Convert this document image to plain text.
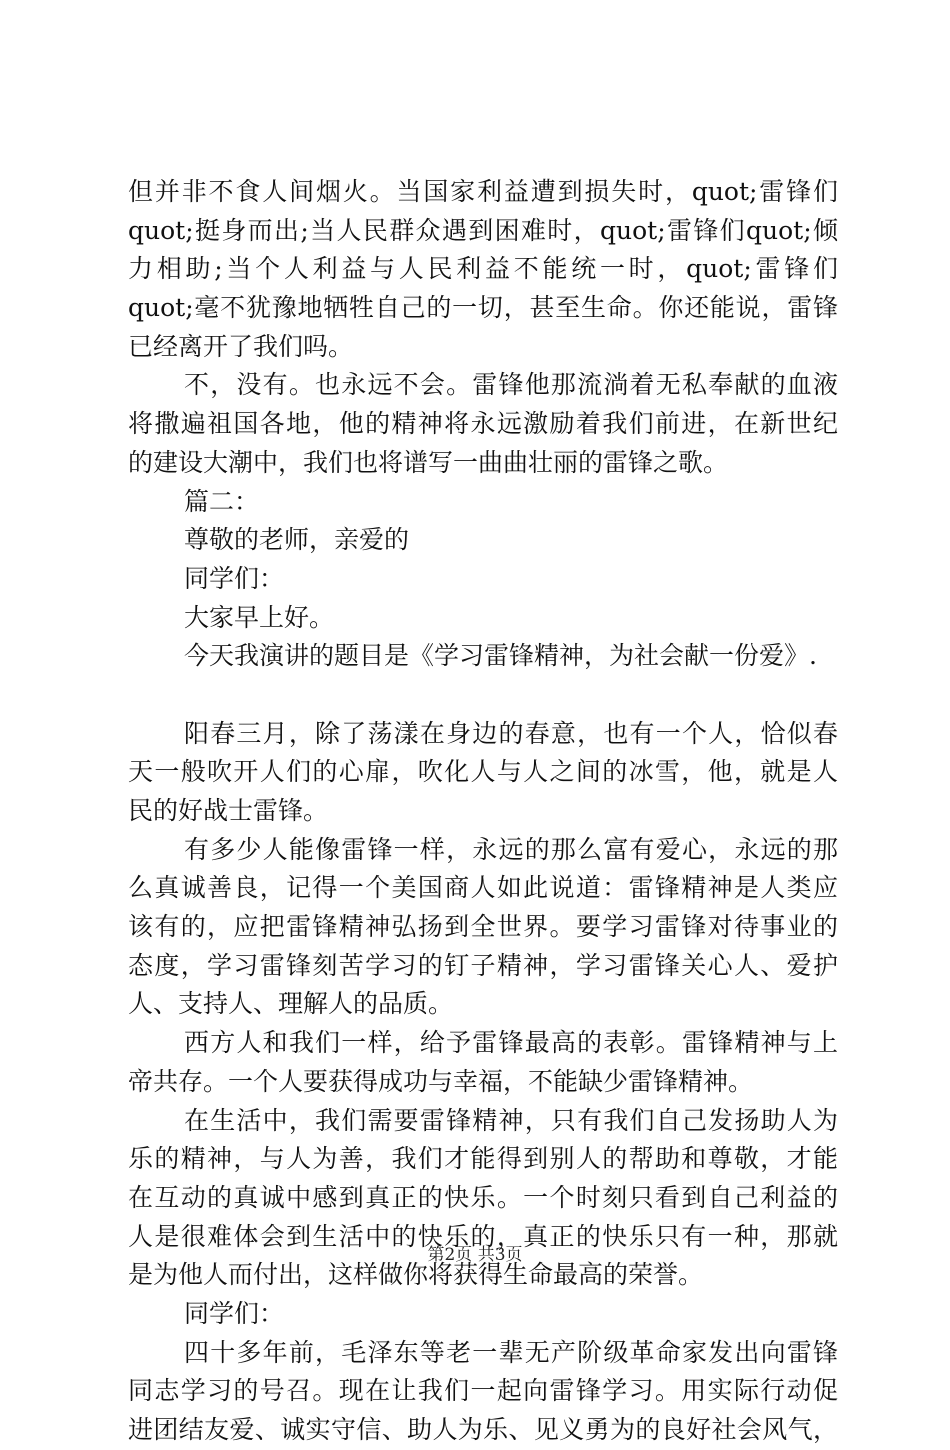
但并非不食人间烟火。当国家利益遭到损失时，quot;雷锋们
quot;挺身而出;当人民群众遇到困难时，quot;雷锋们quot;倾
力相助;当个人利益与人民利益不能统一时，quot;雷锋们
quot;毫不犹豫地牺牲自己的一切，甚至生命。你还能说，雷锋
已经离开了我们吗。
不，没有。也永远不会。雷锋他那流淌着无私奉献的血液
将撒遍祖国各地，他的精神将永远激励着我们前进，在新世纪
的建设大潮中，我们也将谱写一曲曲壮丽的雷锋之歌。
篇二：
尊敬的老师，亲爱的
同学们：
大家早上好。
今天我演讲的题目是《学习雷锋精神，为社会献一份爱》.
阳春三月，除了荡漾在身边的春意，也有一个人，恰似春
天一般吹开人们的心扉，吹化人与人之间的冰雪，他，就是人
民的好战士雷锋。
有多少人能像雷锋一样，永远的那么富有爱心，永远的那
么真诚善良，记得一个美国商人如此说道：雷锋精神是人类应
该有的，应把雷锋精神弘扬到全世界。要学习雷锋对待事业的
态度，学习雷锋刻苦学习的钉子精神，学习雷锋关心人、爱护
人、支持人、理解人的品质。
西方人和我们一样，给予雷锋最高的表彰。雷锋精神与上
帝共存。一个人要获得成功与幸福，不能缺少雷锋精神。
在生活中，我们需要雷锋精神，只有我们自己发扬助人为
乐的精神，与人为善，我们才能得到别人的帮助和尊敬，才能
在互动的真诚中感到真正的快乐。一个时刻只看到自己利益的
人是很难体会到生活中的快乐的，真正的快乐只有一种，那就
是为他人而付出，这样做你将获得生命最高的荣誉。
同学们：
四十多年前，毛泽东等老一辈无产阶级革命家发出向雷锋
同志学习的号召。现在让我们一起向雷锋学习。用实际行动促
进团结友爱、诚实守信、助人为乐、见义勇为的良好社会风气，
第2页 共3页
